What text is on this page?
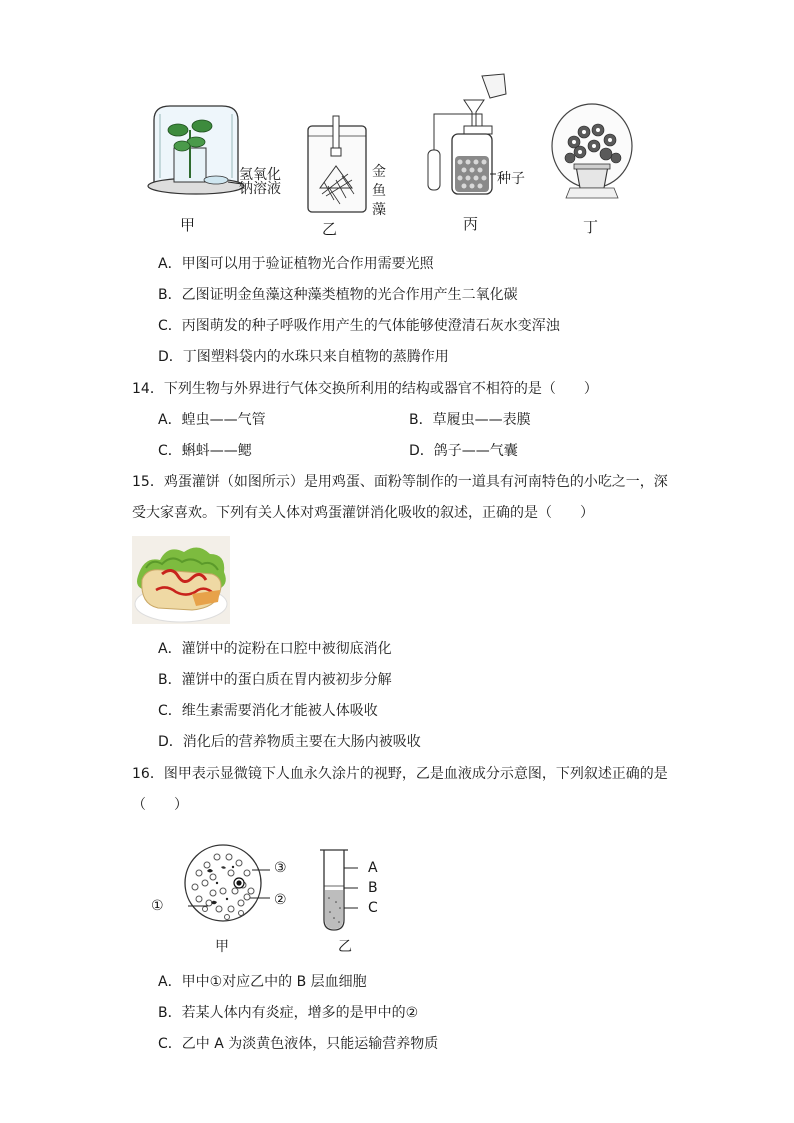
氢氧化
钠溶液
甲
金
鱼
藻
乙
种子
丙	丁
A．甲图可以用于验证植物光合作用需要光照
B．乙图证明金鱼藻这种藻类植物的光合作用产生二氧化碳
C．丙图萌发的种子呼吸作用产生的气体能够使澄清石灰水变浑浊
D．丁图塑料袋内的水珠只来自植物的蒸腾作用
14．下列生物与外界进行气体交换所利用的结构或器官不相符的是（　　）
A．蝗虫——气管	B．草履虫——表膜
C．蝌蚪——鳃	D．鸽子——气囊
15．鸡蛋灌饼（如图所示）是用鸡蛋、面粉等制作的一道具有河南特色的小吃之一，深
受大家喜欢。下列有关人体对鸡蛋灌饼消化吸收的叙述，正确的是（　　）
A．灌饼中的淀粉在口腔中被彻底消化
B．灌饼中的蛋白质在胃内被初步分解
C．维生素需要消化才能被人体吸收
D．消化后的营养物质主要在大肠内被吸收
16．图甲表示显微镜下人血永久涂片的视野，乙是血液成分示意图，下列叙述正确的是
（　　）
③
②
①
甲
A
B
C
乙
A．甲中①对应乙中的 B 层血细胞
B．若某人体内有炎症，增多的是甲中的②
C．乙中 A 为淡黄色液体，只能运输营养物质
